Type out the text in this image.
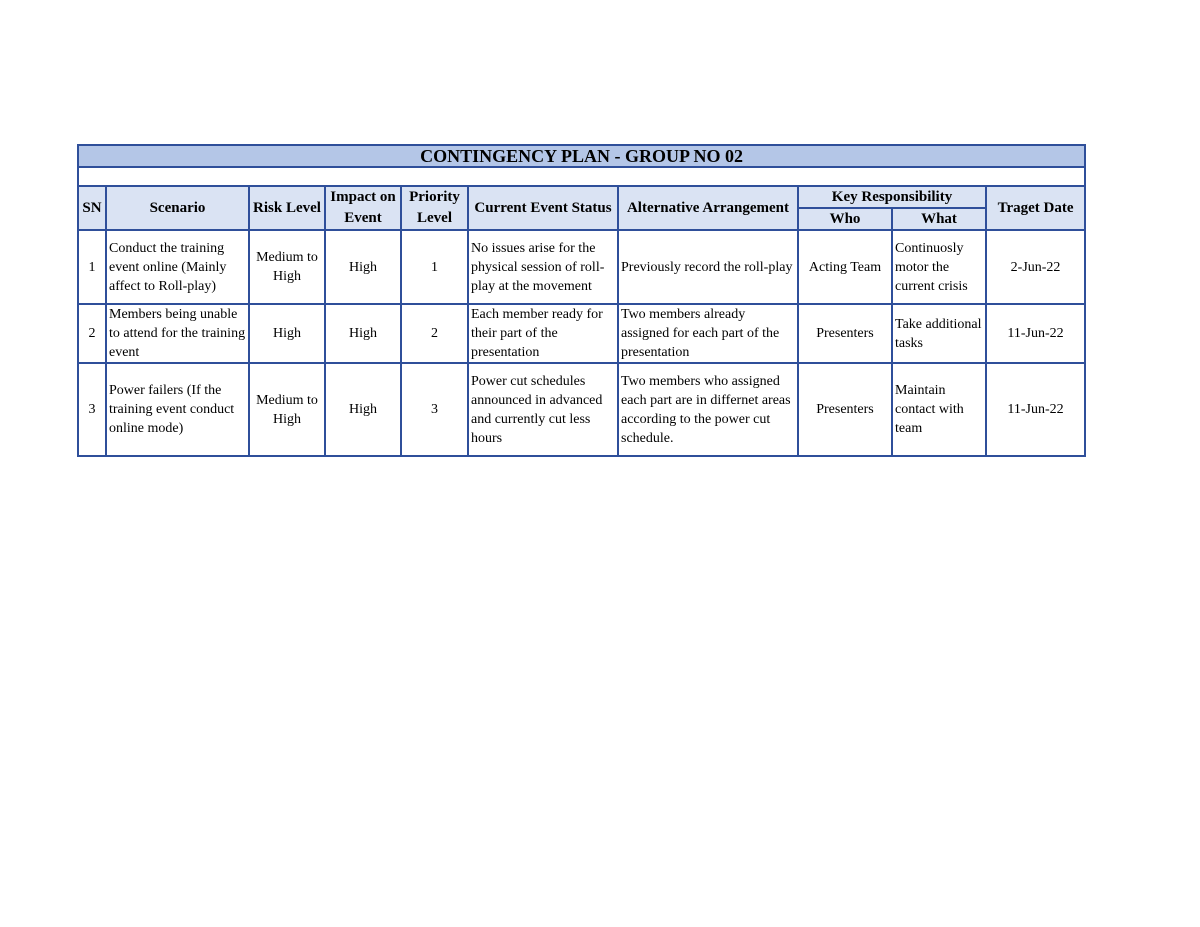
CONTINGENCY PLAN - GROUP NO 02									

SN	Scenario	Risk Level	Impact on Event	Priority Level	Current Event Status	Alternative Arrangement	Key Responsibility		Traget Date
							Who	What	
1	Conduct the training event online (Mainly affect to Roll-play)	Medium to High	High	1	No issues arise for the physical session of roll-play at the movement	Previously record the roll-play	Acting Team	Continuosly motor the current crisis	2-Jun-22
2	Members being unable to attend for the training event	High	High	2	Each member ready for their part of the presentation	Two members already assigned for each part of the presentation	Presenters	Take additional tasks	11-Jun-22
3	Power failers (If the training event conduct online mode)	Medium to High	High	3	Power cut schedules announced in advanced and currently cut less hours	Two members who assigned each part are in differnet areas according to the power cut schedule.	Presenters	Maintain contact with team	11-Jun-22
